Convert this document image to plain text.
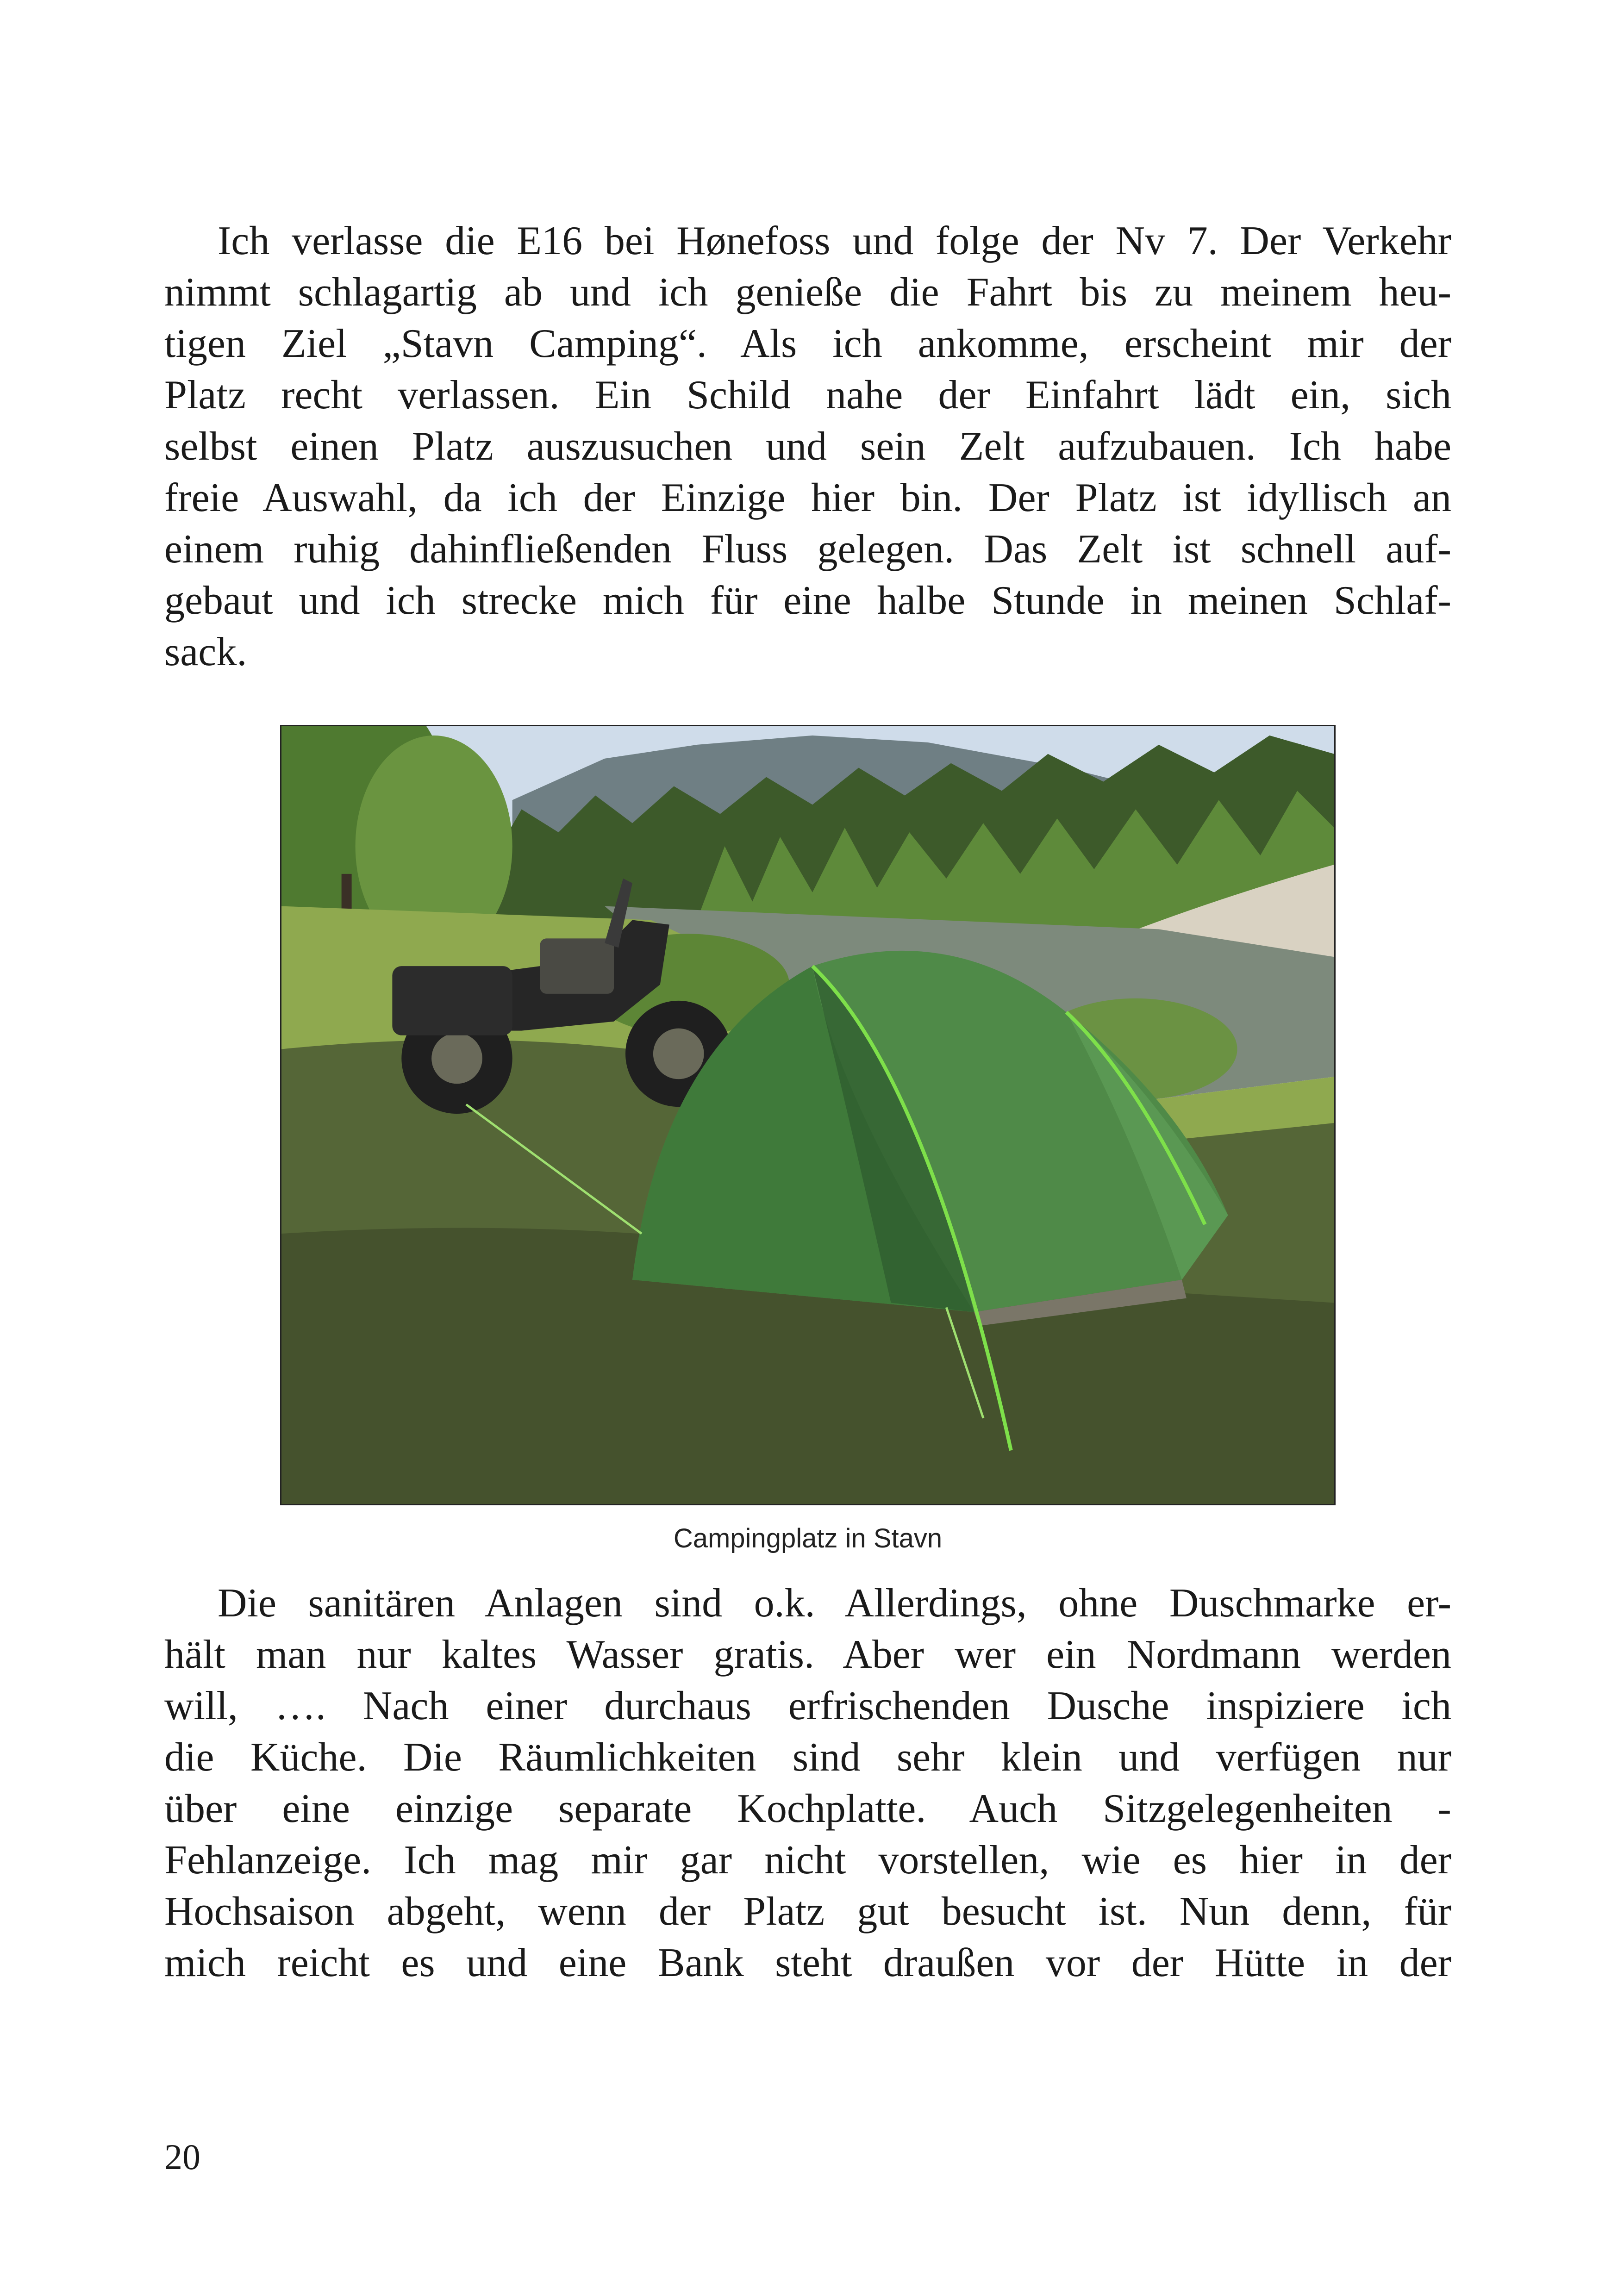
Ich verlasse die E16 bei Hønefoss und folge der Nv 7. Der Verkehr
nimmt schlagartig ab und ich genieße die Fahrt bis zu meinem heu-
tigen Ziel „Stavn Camping“. Als ich ankomme, erscheint mir der
Platz recht verlassen. Ein Schild nahe der Einfahrt lädt ein, sich
selbst einen Platz auszusuchen und sein Zelt aufzubauen. Ich habe
freie Auswahl, da ich der Einzige hier bin. Der Platz ist idyllisch an
einem ruhig dahinfließenden Fluss gelegen. Das Zelt ist schnell auf-
gebaut und ich strecke mich für eine halbe Stunde in meinen Schlaf-
sack.
Campingplatz in Stavn
Die sanitären Anlagen sind o.k. Allerdings, ohne Duschmarke er-
hält man nur kaltes Wasser gratis. Aber wer ein Nordmann werden
will, …. Nach einer durchaus erfrischenden Dusche inspiziere ich
die Küche. Die Räumlichkeiten sind sehr klein und verfügen nur
über eine einzige separate Kochplatte. Auch Sitzgelegenheiten -
Fehlanzeige. Ich mag mir gar nicht vorstellen, wie es hier in der
Hochsaison abgeht, wenn der Platz gut besucht ist. Nun denn, für
mich reicht es und eine Bank steht draußen vor der Hütte in der
20
